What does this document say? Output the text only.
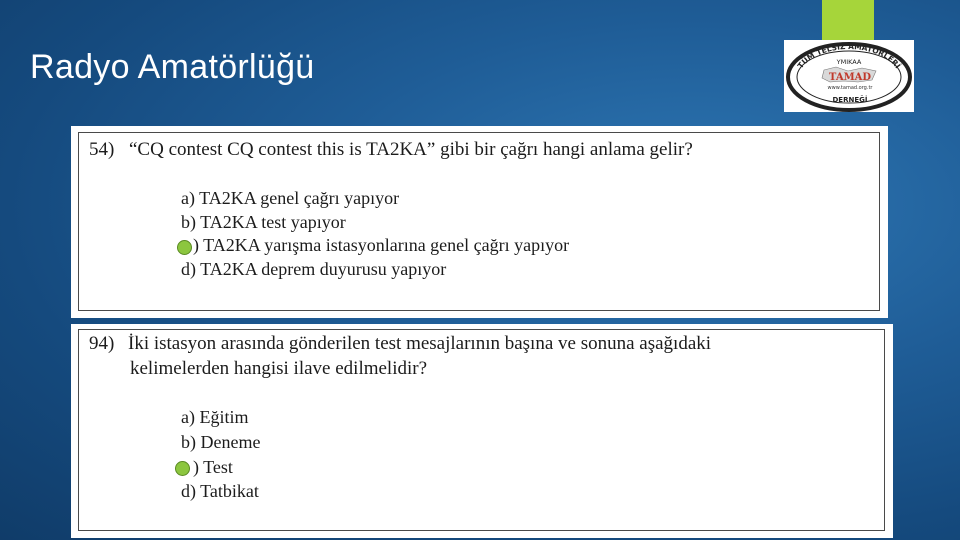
Radyo Amatörlüğü	TÜM TELSİZ AMATÖRLERİ
YMIKAA
TAMAD
www.tamad.org.tr
DERNEĞİ
54) “CQ contest CQ contest this is TA2KA” gibi bir çağrı hangi anlama gelir?
a) TA2KA genel çağrı yapıyor
b) TA2KA test yapıyor
) TA2KA yarışma istasyonlarına genel çağrı yapıyor
d) TA2KA deprem duyurusu yapıyor
94) İki istasyon arasında gönderilen test mesajlarının başına ve sonuna aşağıdaki
kelimelerden hangisi ilave edilmelidir?
a) Eğitim
b) Deneme
) Test
d) Tatbikat
